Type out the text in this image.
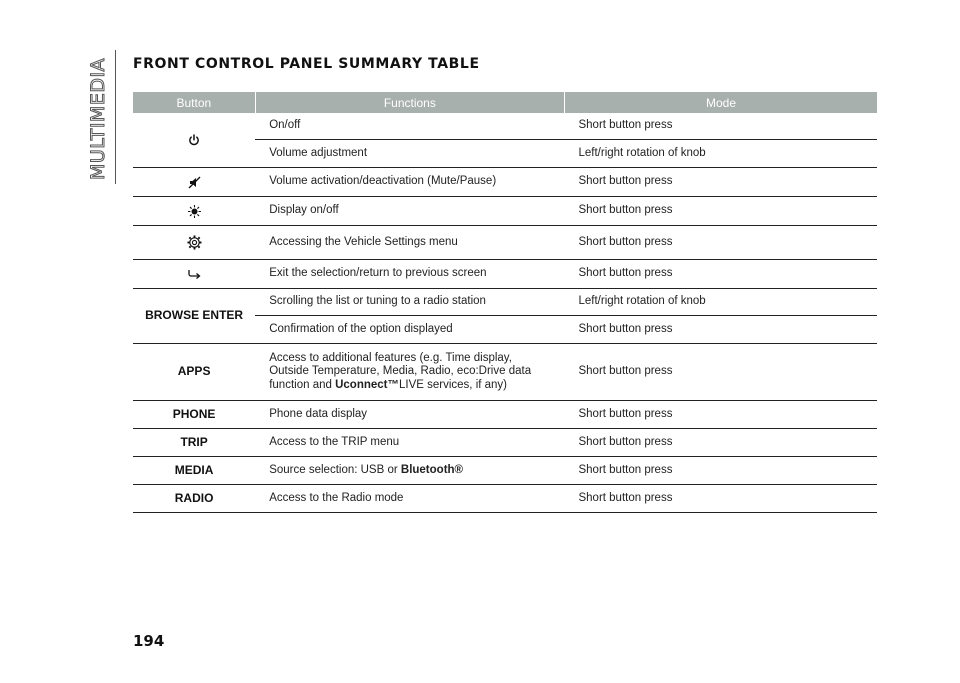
MULTIMEDIA FRONT CONTROL PANEL SUMMARY TABLE
Button	Functions	Mode
	On/off	Short button press
	Volume adjustment	Left/right rotation of knob
	Volume activation/deactivation (Mute/Pause)	Short button press
	Display on/off	Short button press
	Accessing the Vehicle Settings menu	Short button press
	Exit the selection/return to previous screen	Short button press
BROWSE ENTER	Scrolling the list or tuning to a radio station	Left/right rotation of knob
	Confirmation of the option displayed	Short button press
APPS	Access to additional features (e.g. Time display, Outside Temperature, Media, Radio, eco:Drive data function and Uconnect™LIVE services, if any)	Short button press
PHONE	Phone data display	Short button press
TRIP	Access to the TRIP menu	Short button press
MEDIA	Source selection: USB or Bluetooth®	Short button press
RADIO	Access to the Radio mode	Short button press
194
